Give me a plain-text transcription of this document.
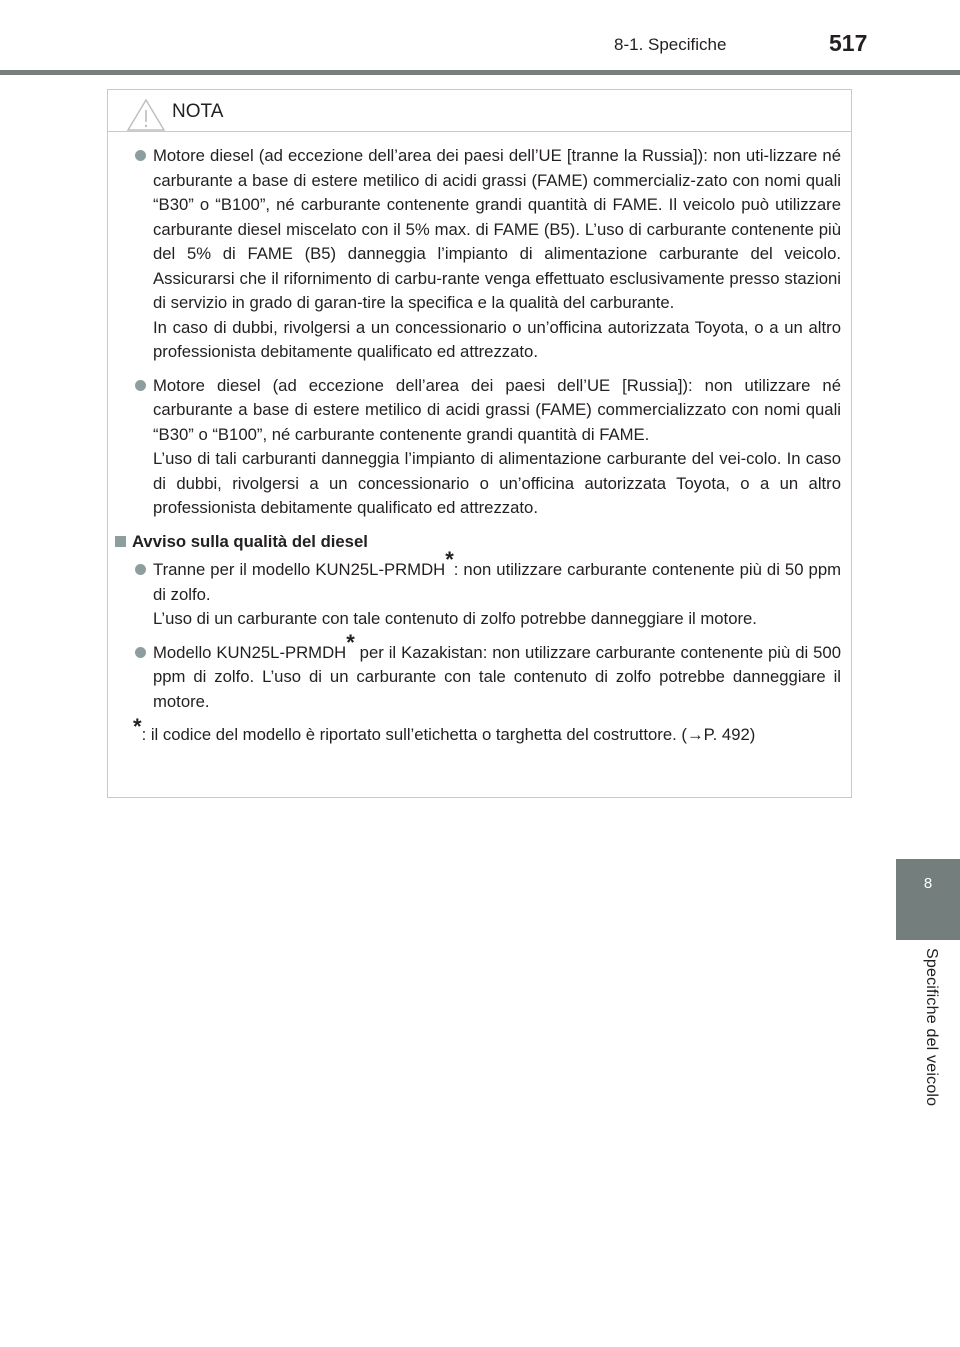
8-1. Specifiche	517
8
Specifiche del veicolo
NOTA

Motore diesel (ad eccezione dell’area dei paesi dell’UE [tranne la Russia]): non uti-lizzare né carburante a base di estere metilico di acidi grassi (FAME) commercializ-zato con nomi quali “B30” o “B100”, né carburante contenente grandi quantità di FAME. Il veicolo può utilizzare carburante diesel miscelato con il 5% max. di FAME (B5). L’uso di carburante contenente più del 5% di FAME (B5) danneggia l’impianto di alimentazione carburante del veicolo. Assicurarsi che il rifornimento di carbu-rante venga effettuato esclusivamente presso stazioni di servizio in grado di garan-tire la specifica e la qualità del carburante.

In caso di dubbi, rivolgersi a un concessionario o un’officina autorizzata Toyota, o a un altro professionista debitamente qualificato ed attrezzato.

Motore diesel (ad eccezione dell’area dei paesi dell’UE [Russia]): non utilizzare né carburante a base di estere metilico di acidi grassi (FAME) commercializzato con nomi quali “B30” o “B100”, né carburante contenente grandi quantità di FAME.

L’uso di tali carburanti danneggia l’impianto di alimentazione carburante del vei-colo. In caso di dubbi, rivolgersi a un concessionario o un’officina autorizzata Toyota, o a un altro professionista debitamente qualificato ed attrezzato.

Avviso sulla qualità del diesel

Tranne per il modello KUN25L-PRMDH*: non utilizzare carburante contenente più di 50 ppm di zolfo.

L’uso di un carburante con tale contenuto di zolfo potrebbe danneggiare il motore.

Modello KUN25L-PRMDH* per il Kazakistan: non utilizzare carburante contenente più di 500 ppm di zolfo. L’uso di un carburante con tale contenuto di zolfo potrebbe danneggiare il motore.

*: il codice del modello è riportato sull’etichetta o targhetta del costruttore. (→P. 492)
